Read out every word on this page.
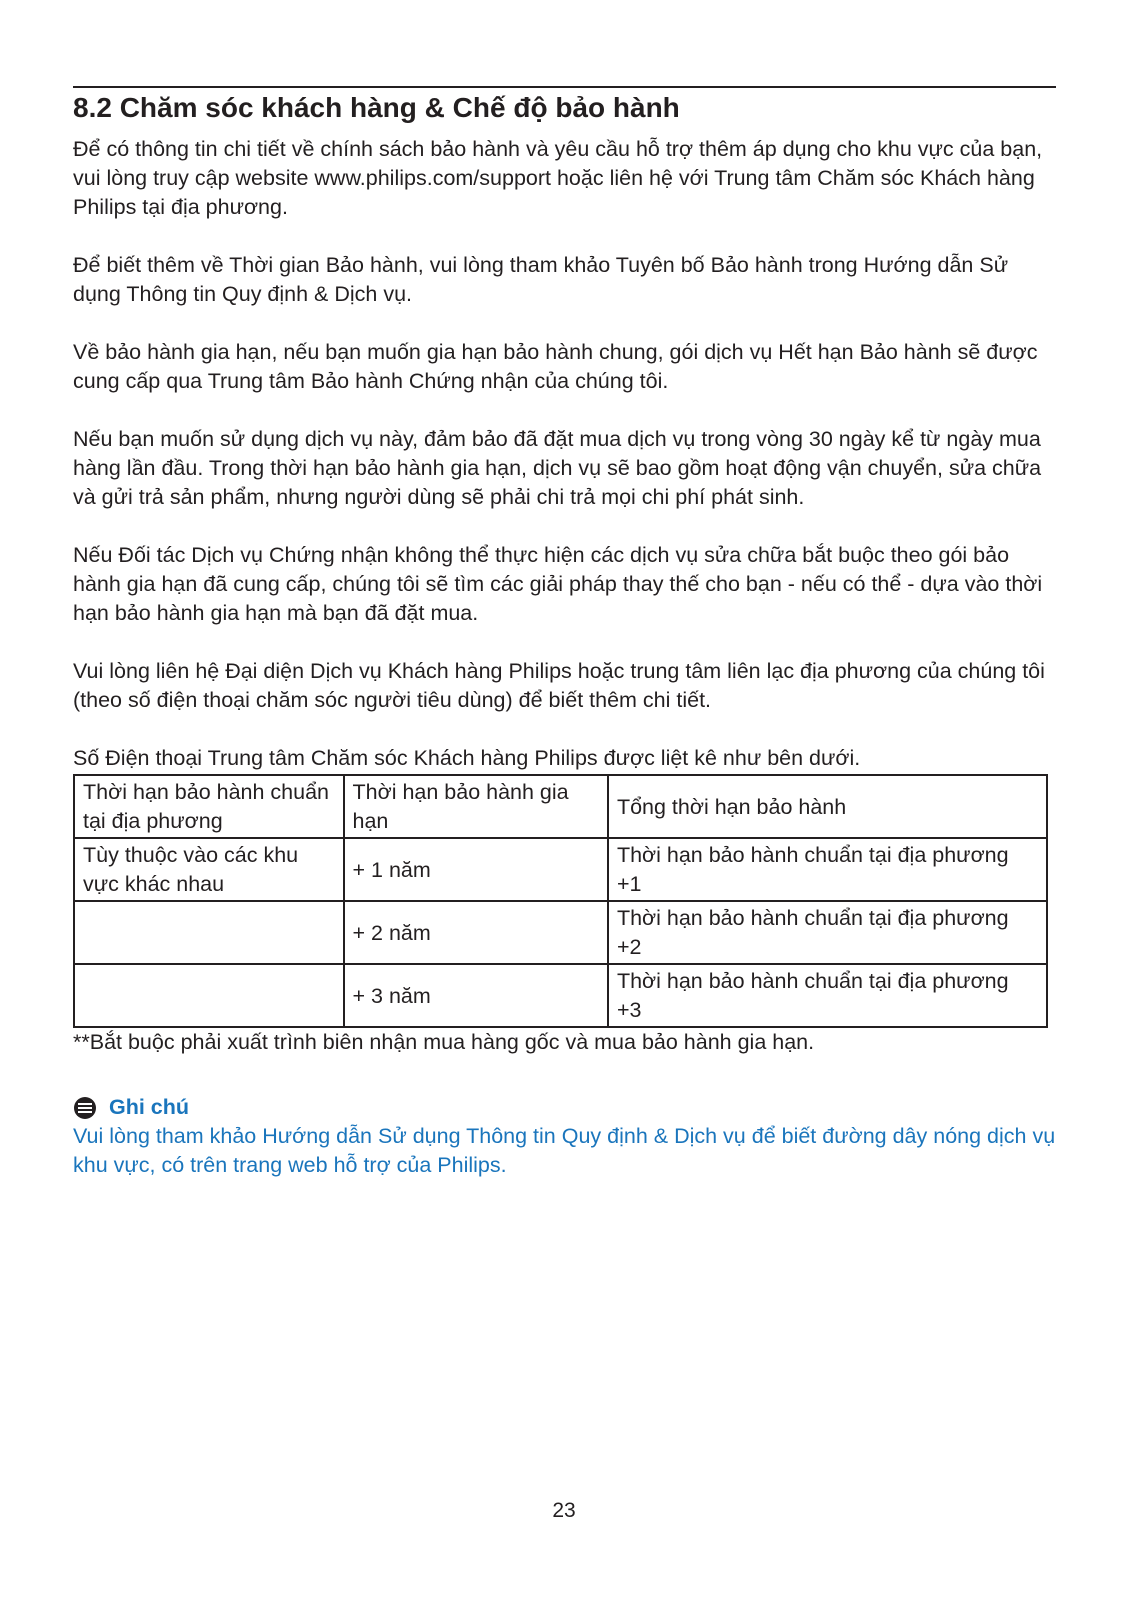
8.2 Chăm sóc khách hàng & Chế độ bảo hành

Để có thông tin chi tiết về chính sách bảo hành và yêu cầu hỗ trợ thêm áp dụng cho khu vực của bạn, vui lòng truy cập website www.philips.com/support hoặc liên hệ với Trung tâm Chăm sóc Khách hàng Philips tại địa phương.

Để biết thêm về Thời gian Bảo hành, vui lòng tham khảo Tuyên bố Bảo hành trong Hướng dẫn Sử dụng Thông tin Quy định & Dịch vụ.

Về bảo hành gia hạn, nếu bạn muốn gia hạn bảo hành chung, gói dịch vụ Hết hạn Bảo hành sẽ được cung cấp qua Trung tâm Bảo hành Chứng nhận của chúng tôi.

Nếu bạn muốn sử dụng dịch vụ này, đảm bảo đã đặt mua dịch vụ trong vòng 30 ngày kể từ ngày mua hàng lần đầu. Trong thời hạn bảo hành gia hạn, dịch vụ sẽ bao gồm hoạt động vận chuyển, sửa chữa và gửi trả sản phẩm, nhưng người dùng sẽ phải chi trả mọi chi phí phát sinh.

Nếu Đối tác Dịch vụ Chứng nhận không thể thực hiện các dịch vụ sửa chữa bắt buộc theo gói bảo hành gia hạn đã cung cấp, chúng tôi sẽ tìm các giải pháp thay thế cho bạn - nếu có thể - dựa vào thời hạn bảo hành gia hạn mà bạn đã đặt mua.

Vui lòng liên hệ Đại diện Dịch vụ Khách hàng Philips hoặc trung tâm liên lạc địa phương của chúng tôi (theo số điện thoại chăm sóc người tiêu dùng) để biết thêm chi tiết.

Số Điện thoại Trung tâm Chăm sóc Khách hàng Philips được liệt kê như bên dưới.

Thời hạn bảo hành chuẩn tại địa phương	Thời hạn bảo hành gia hạn	Tổng thời hạn bảo hành
Tùy thuộc vào các khu vực khác nhau	+ 1 năm	Thời hạn bảo hành chuẩn tại địa phương +1
	+ 2 năm	Thời hạn bảo hành chuẩn tại địa phương +2
	+ 3 năm	Thời hạn bảo hành chuẩn tại địa phương +3

**Bắt buộc phải xuất trình biên nhận mua hàng gốc và mua bảo hành gia hạn.

Ghi chú
Vui lòng tham khảo Hướng dẫn Sử dụng Thông tin Quy định & Dịch vụ để biết đường dây nóng dịch vụ khu vực, có trên trang web hỗ trợ của Philips.
23
